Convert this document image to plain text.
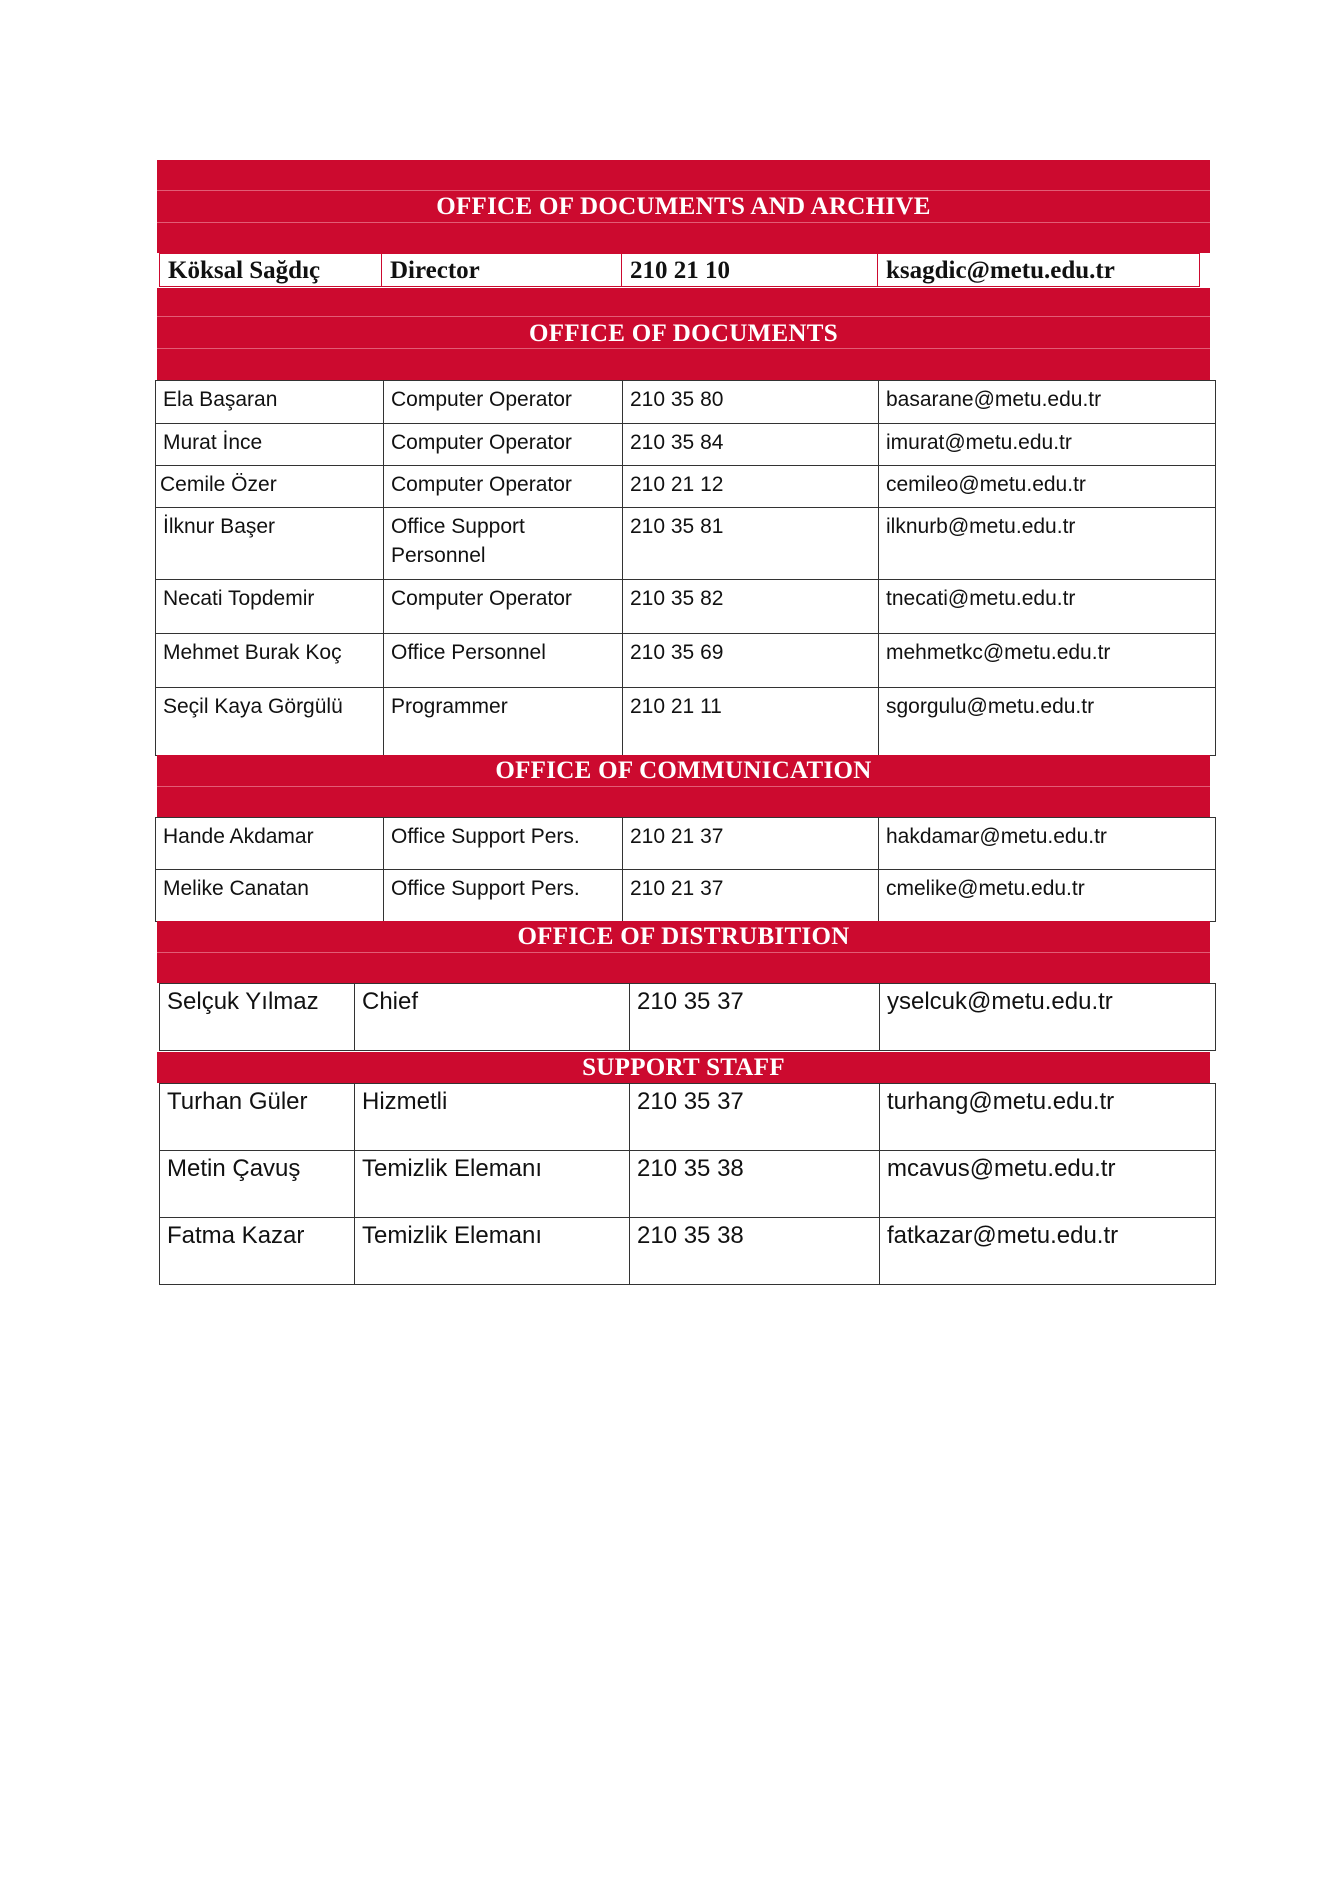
OFFICE OF DOCUMENTS AND ARCHIVE
Köksal Sağdıç	Director	210 21 10	ksagdic@metu.edu.tr
OFFICE OF DOCUMENTS
Ela Başaran	Computer Operator	210 35 80	basarane@metu.edu.tr
Murat İnce	Computer Operator	210 35 84	imurat@metu.edu.tr
Cemile Özer	Computer Operator	210 21 12	cemileo@metu.edu.tr
İlknur Başer	Office Support Personnel	210 35 81	ilknurb@metu.edu.tr
Necati Topdemir	Computer Operator	210 35 82	tnecati@metu.edu.tr
Mehmet Burak Koç	Office Personnel	210 35 69	mehmetkc@metu.edu.tr
Seçil Kaya Görgülü	Programmer	210 21 11	sgorgulu@metu.edu.tr
OFFICE OF COMMUNICATION
Hande Akdamar	Office Support Pers.	210 21 37	hakdamar@metu.edu.tr
Melike Canatan	Office Support Pers.	210 21 37	cmelike@metu.edu.tr
OFFICE OF DISTRUBITION
Selçuk Yılmaz	Chief	210 35 37	yselcuk@metu.edu.tr
SUPPORT STAFF
Turhan Güler	Hizmetli	210 35 37	turhang@metu.edu.tr
Metin Çavuş	Temizlik Elemanı	210 35 38	mcavus@metu.edu.tr
Fatma Kazar	Temizlik Elemanı	210 35 38	fatkazar@metu.edu.tr
